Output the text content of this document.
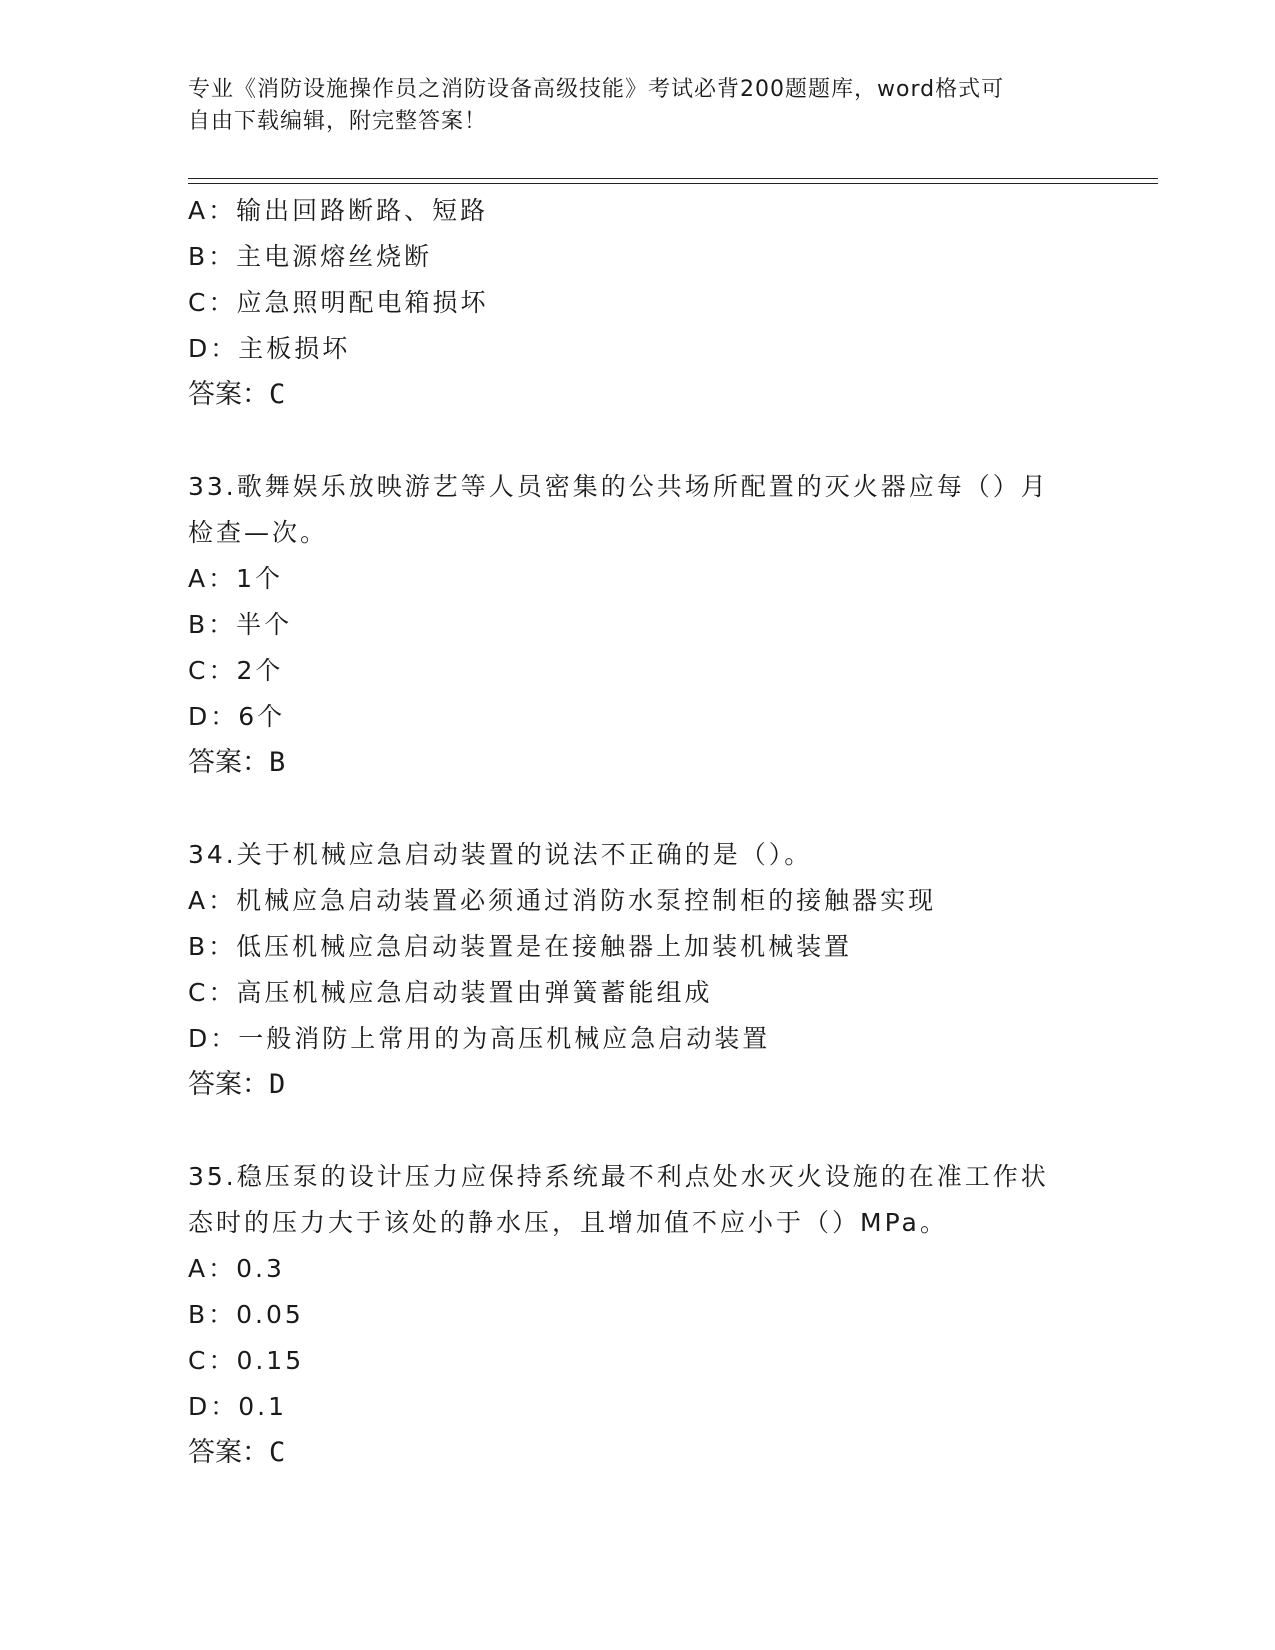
专业《消防设施操作员之消防设备高级技能》考试必背200题题库，word格式可
自由下载编辑，附完整答案！
A：输出回路断路、短路
B：主电源熔丝烧断
C：应急照明配电箱损坏
D：主板损坏
答案：C
33.歌舞娱乐放映游艺等人员密集的公共场所配置的灭火器应每（）月
检查—次。
A：1个
B：半个
C：2个
D：6个
答案：B
34.关于机械应急启动装置的说法不正确的是（）。
A：机械应急启动装置必须通过消防水泵控制柜的接触器实现
B：低压机械应急启动装置是在接触器上加装机械装置
C：高压机械应急启动装置由弹簧蓄能组成
D：一般消防上常用的为高压机械应急启动装置
答案：D
35.稳压泵的设计压力应保持系统最不利点处水灭火设施的在准工作状
态时的压力大于该处的静水压，且增加值不应小于（）MPa。
A：0.3
B：0.05
C：0.15
D：0.1
答案：C
